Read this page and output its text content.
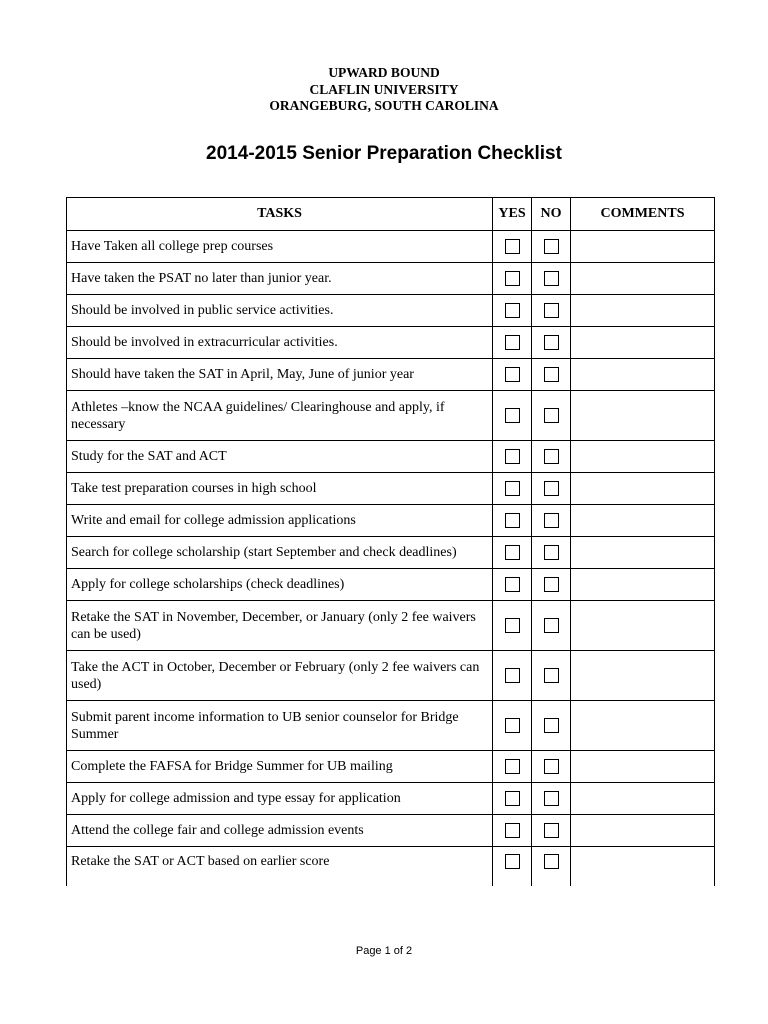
UPWARD BOUND
CLAFLIN UNIVERSITY
ORANGEBURG, SOUTH CAROLINA
2014-2015 Senior Preparation Checklist
TASKS	YES	NO	COMMENTS
Have Taken all college prep courses			
Have taken the PSAT no later than junior year.			
Should be involved in public service activities.			
Should be involved in extracurricular activities.			
Should have taken the SAT in April, May, June of junior year			
Athletes –know the NCAA guidelines/ Clearinghouse and apply, if necessary			
Study for the SAT and ACT			
Take test preparation courses in high school			
Write and email for college admission applications			
Search for college scholarship (start September and check deadlines)			
Apply for college scholarships (check deadlines)			
Retake the SAT in November, December, or January (only 2 fee waivers can be used)			
Take the ACT in October, December or February (only 2 fee waivers can used)			
Submit parent income information to UB senior counselor for Bridge Summer			
Complete the FAFSA for Bridge Summer for UB mailing			
Apply for college admission and type essay for application			
Attend the college fair and college admission events			
Retake the SAT or ACT based on earlier score			
Page 1 of 2
